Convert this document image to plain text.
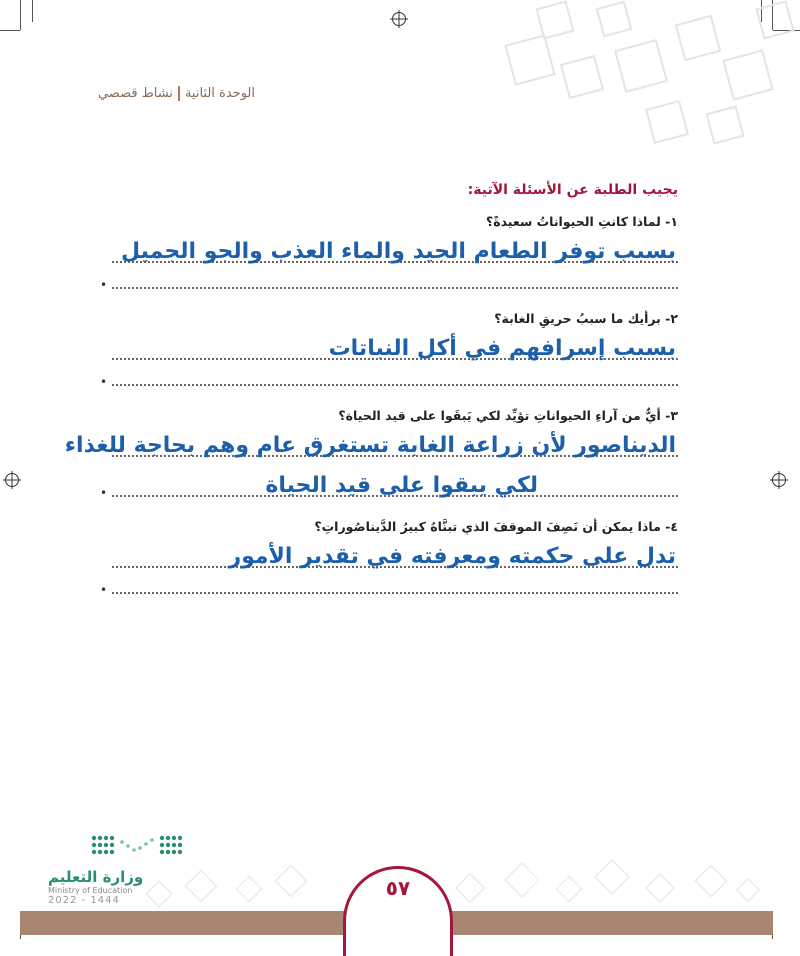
الوحدة الثانيةنشاط قصصي
يجيب الطلبة عن الأسئلة الآتية:
١- لماذا كانتِ الحيواناتُ سعيدةً؟
بسبب توفر الطعام الجيد والماء العذب والجو الجميل
•
٢- برأيك ما سببُ حريقِ الغابة؟
بسبب إسرافهم في أكل النباتات
•
٣- أيٌّ من آراءِ الحيواناتِ تؤيِّد لكي يَبقَوا على قيد الحياة؟
الديناصور لأن زراعة الغابة تستغرق عام وهم بحاجة للغذاء
لكي يبقوا على قيد الحياة
•
٤- ماذا يمكن أن نَصِفَ الموقفَ الذي تبنَّاهُ كبيرُ الدَّيناصُوراتِ؟
تدل على حكمته ومعرفته في تقدير الأمور
•
وزارة التعليم
Ministry of Education
2022 - 1444
٥٧
